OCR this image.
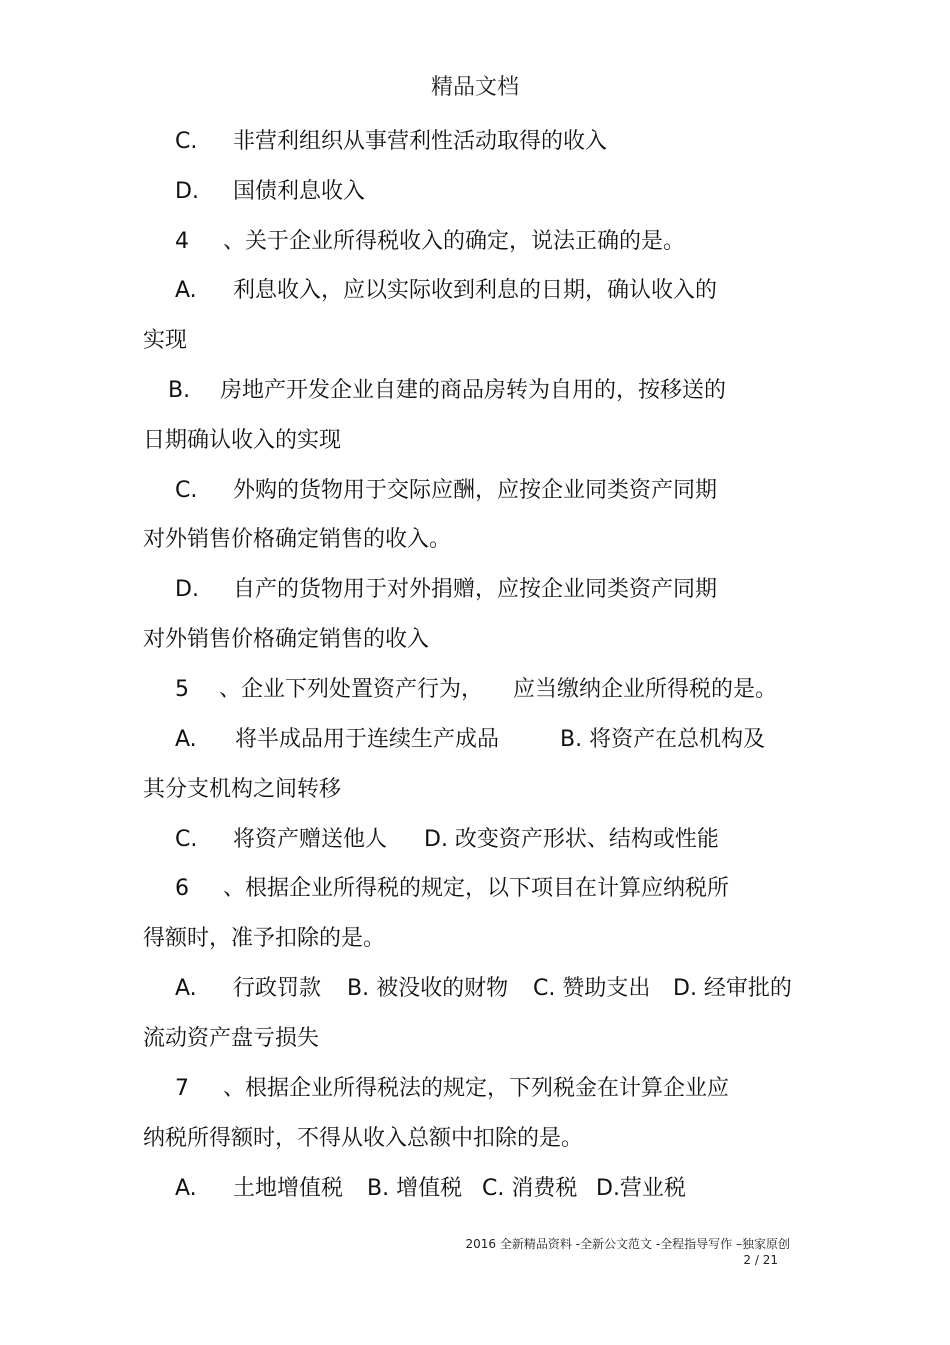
精品文档
C. 非营利组织从事营利性活动取得的收入
D. 国债利息收入
4 、关于企业所得税收入的确定，说法正确的是。
A. 利息收入，应以实际收到利息的日期，确认收入的
实现
B. 房地产开发企业自建的商品房转为自用的，按移送的
日期确认收入的实现
C. 外购的货物用于交际应酬，应按企业同类资产同期
对外销售价格确定销售的收入。
D. 自产的货物用于对外捐赠，应按企业同类资产同期
对外销售价格确定销售的收入
5 、企业下列处置资产行为， 应当缴纳企业所得税的是。
A. 将半成品用于连续生产成品	B. 将资产在总机构及
其分支机构之间转移
C. 将资产赠送他人 D. 改变资产形状、结构或性能
6 、根据企业所得税的规定，以下项目在计算应纳税所
得额时，准予扣除的是。
A. 行政罚款 B. 被没收的财物 C. 赞助支出 D. 经审批的
流动资产盘亏损失
7 、根据企业所得税法的规定，下列税金在计算企业应
纳税所得额时，不得从收入总额中扣除的是。
A. 土地增值税 B. 增值税 C. 消费税 D.营业税
2016 全新精品资料 -全新公文范文 -全程指导写作 –独家原创
2 / 21
